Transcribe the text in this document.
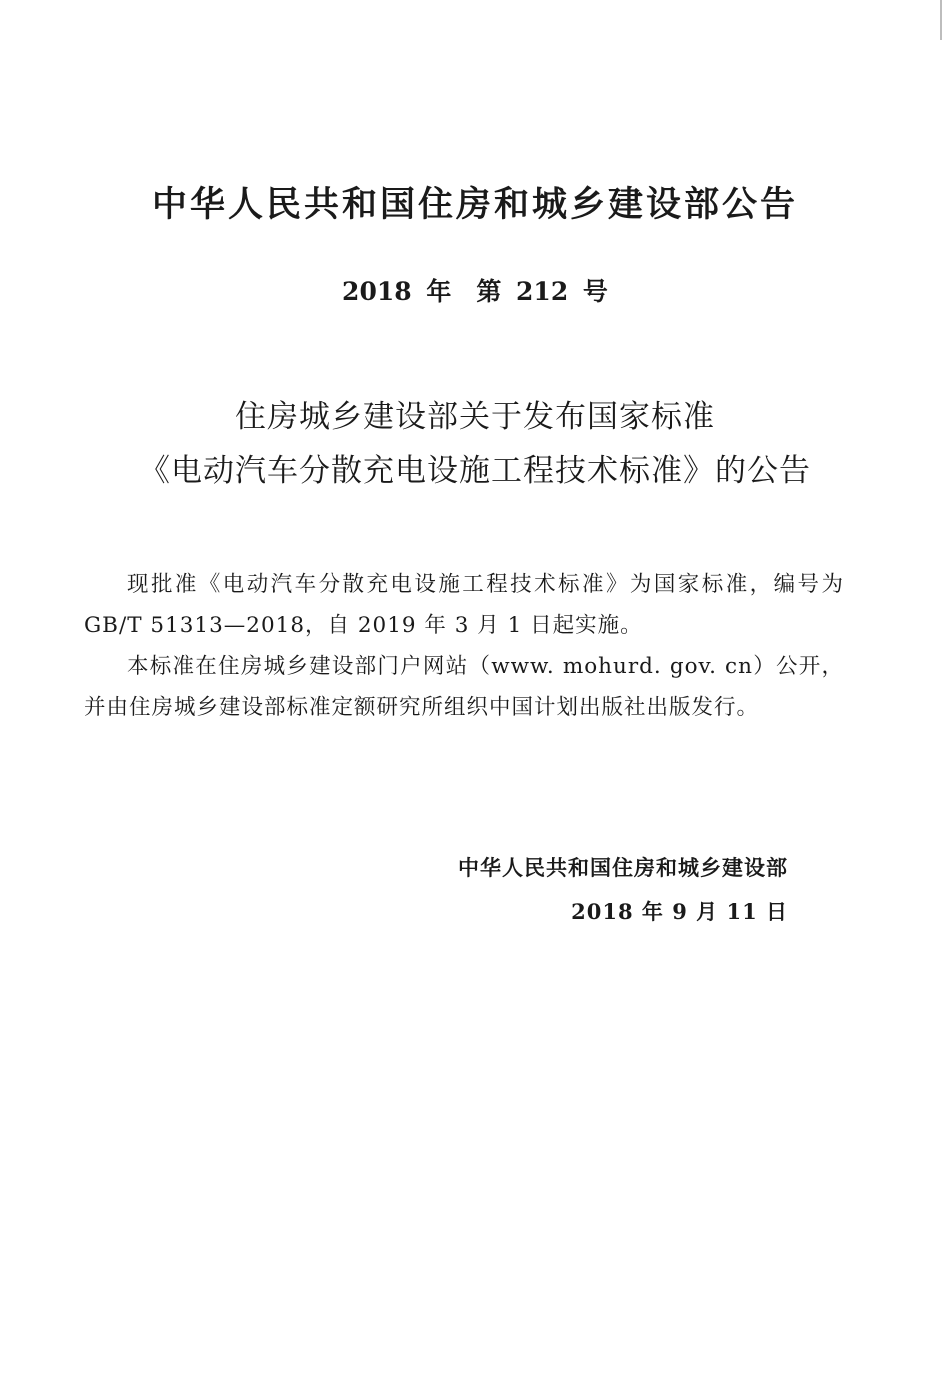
中华人民共和国住房和城乡建设部公告
2018 年　第 212 号
住房城乡建设部关于发布国家标准
《电动汽车分散充电设施工程技术标准》的公告

现批准《电动汽车分散充电设施工程技术标准》为国家标准，编号为 GB/T 51313—2018，自 2019 年 3 月 1 日起实施。

本标准在住房城乡建设部门户网站（www. mohurd. gov. cn）公开，并由住房城乡建设部标准定额研究所组织中国计划出版社出版发行。

中华人民共和国住房和城乡建设部
2018 年 9 月 11 日
